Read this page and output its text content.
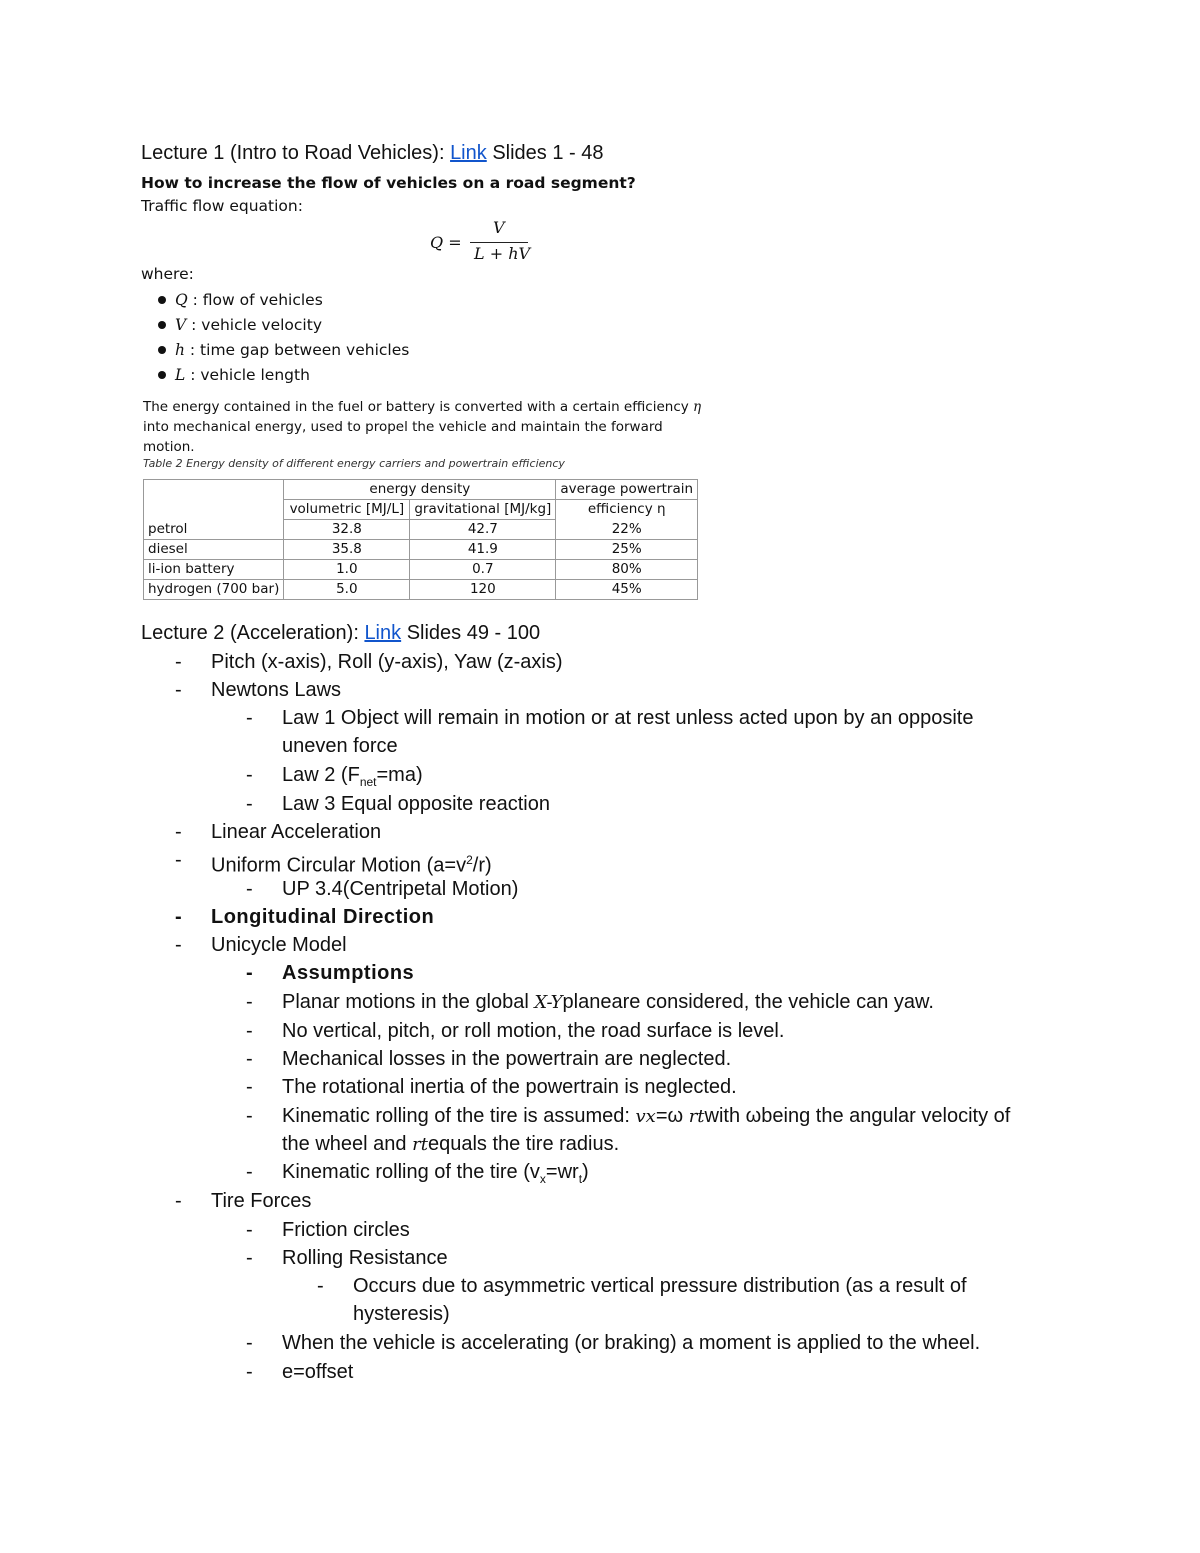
Lecture 1 (Intro to Road Vehicles): Link Slides 1 - 48
How to increase the flow of vehicles on a road segment?
Traffic flow equation:
Q =
V
L + hV
where:
Q : flow of vehicles
V : vehicle velocity
h : time gap between vehicles
L : vehicle length
The energy contained in the fuel or battery is converted with a certain efficiency η
into mechanical energy, used to propel the vehicle and maintain the forward motion.
Table 2 Energy density of different energy carriers and powertrain efficiency
	energy density		average powertrain
	volumetric [MJ/L]	gravitational [MJ/kg]	efficiency η
petrol	32.8	42.7	22%
diesel	35.8	41.9	25%
li-ion battery	1.0	0.7	80%
hydrogen (700 bar)	5.0	120	45%
Lecture 2 (Acceleration): Link Slides 49 - 100
- Pitch (x-axis), Roll (y-axis), Yaw (z-axis)
- Newtons Laws
- Law 1 Object will remain in motion or at rest unless acted upon by an opposite
uneven force
- Law 2 $(F_{net}=ma)$
- Law 3 Equal opposite reaction
- Linear Acceleration
- Uniform Circular Motion $(a=v^2/r)$
- UP 3.4(Centripetal Motion)
- Longitudinal Direction
- Unicycle Model
- Assumptions
- Planar motions in the global X-Yplaneare considered, the vehicle can yaw.
- No vertical, pitch, or roll motion, the road surface is level.
- Mechanical losses in the powertrain are neglected.
- The rotational inertia of the powertrain is neglected.
- Kinematic rolling of the tire is assumed: vx=ω rtwith ωbeing the angular velocity of
the wheel and rtequals the tire radius.
- Kinematic rolling of the tire $(v_x=wr_t)$
- Tire Forces
- Friction circles
- Rolling Resistance
- Occurs due to asymmetric vertical pressure distribution (as a result of
hysteresis)
- When the vehicle is accelerating (or braking) a moment is applied to the wheel.
- e=offset
